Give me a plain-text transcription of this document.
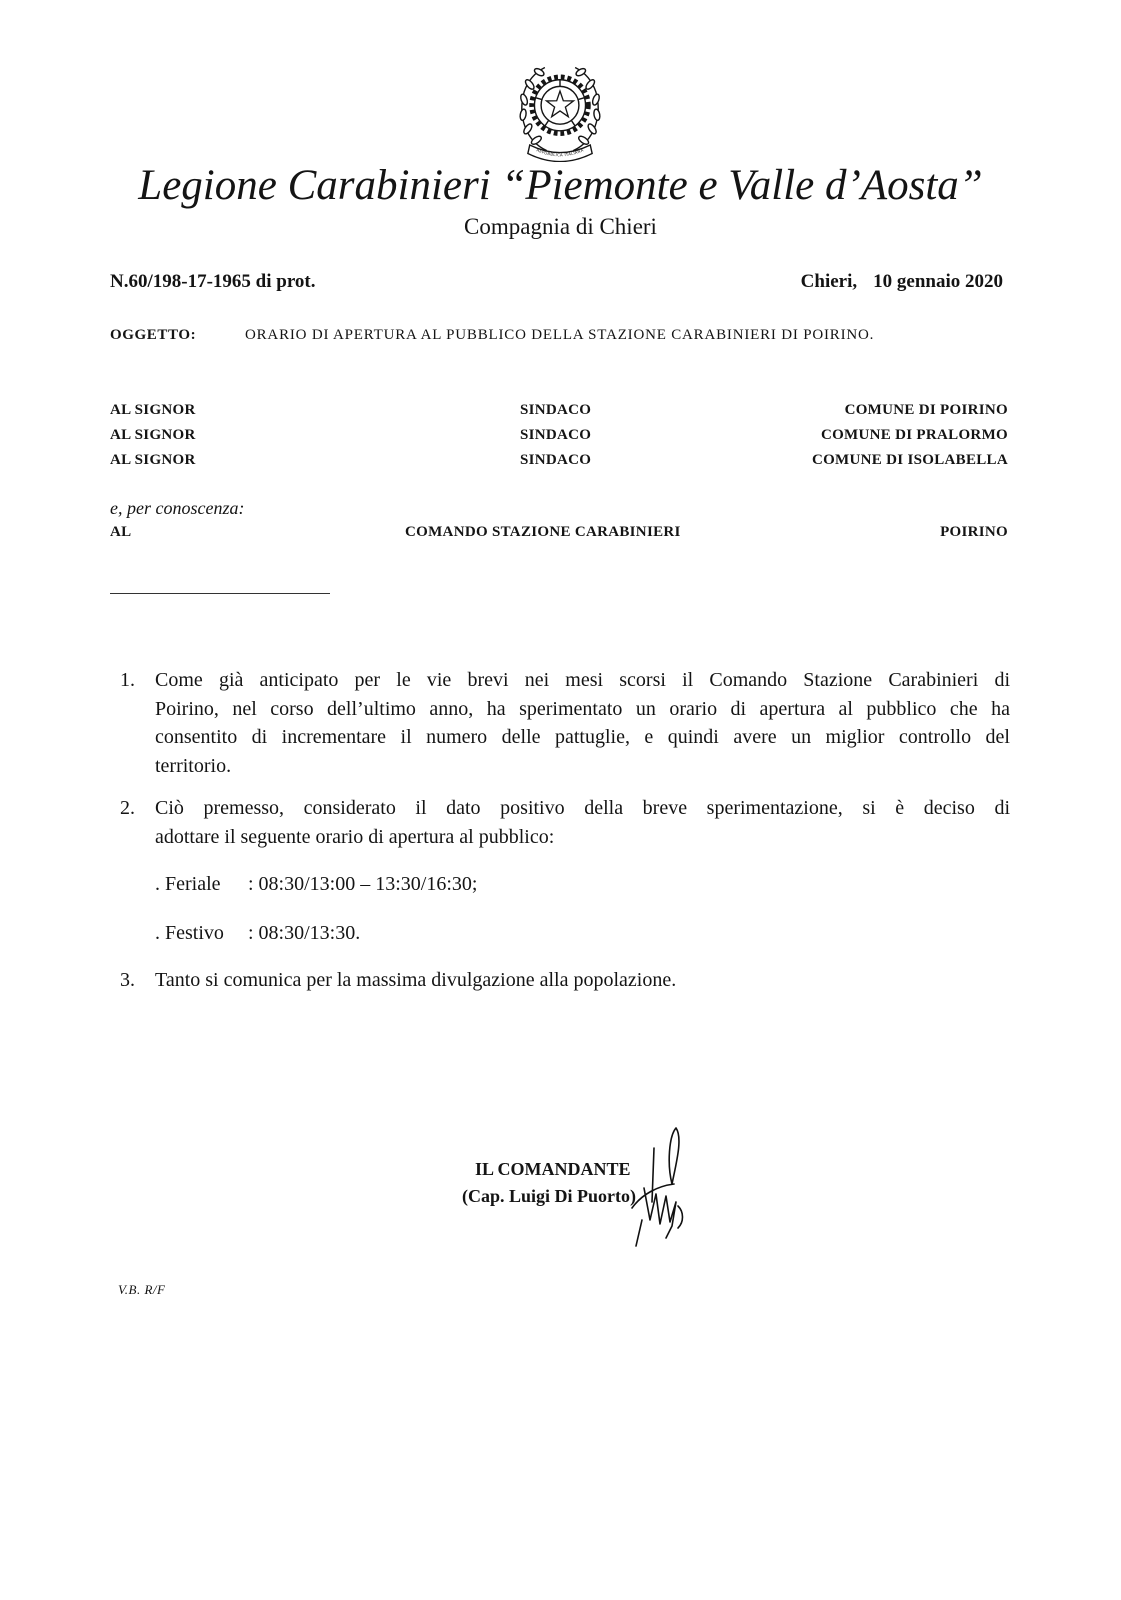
REPUBBLICA ITALIANA
Legione Carabinieri “Piemonte e Valle d’Aosta”
Compagnia di Chieri
N.60/198-17-1965 di prot.	Chieri, 10 gennaio 2020
OGGETTO:	ORARIO DI APERTURA AL PUBBLICO DELLA STAZIONE CARABINIERI DI POIRINO.
AL SIGNOR	SINDACO	COMUNE DI POIRINO
AL SIGNOR	SINDACO	COMUNE DI PRALORMO
AL SIGNOR	SINDACO	COMUNE DI ISOLABELLA
e, per conoscenza:
AL	COMANDO STAZIONE CARABINIERI	POIRINO
1. Come già anticipato per le vie brevi nei mesi scorsi il Comando Stazione Carabinieri di
Poirino, nel corso dell’ultimo anno, ha sperimentato un orario di apertura al pubblico che ha
consentito di incrementare il numero delle pattuglie, e quindi avere un miglior controllo del
territorio.
2. Ciò premesso, considerato il dato positivo della breve sperimentazione, si è deciso di
adottare il seguente orario di apertura al pubblico:
. Feriale : 08:30/13:00 – 13:30/16:30;
. Festivo : 08:30/13:30.
3. Tanto si comunica per la massima divulgazione alla popolazione.
IL COMANDANTE
(Cap. Luigi Di Puorto)
V.B. R/F
